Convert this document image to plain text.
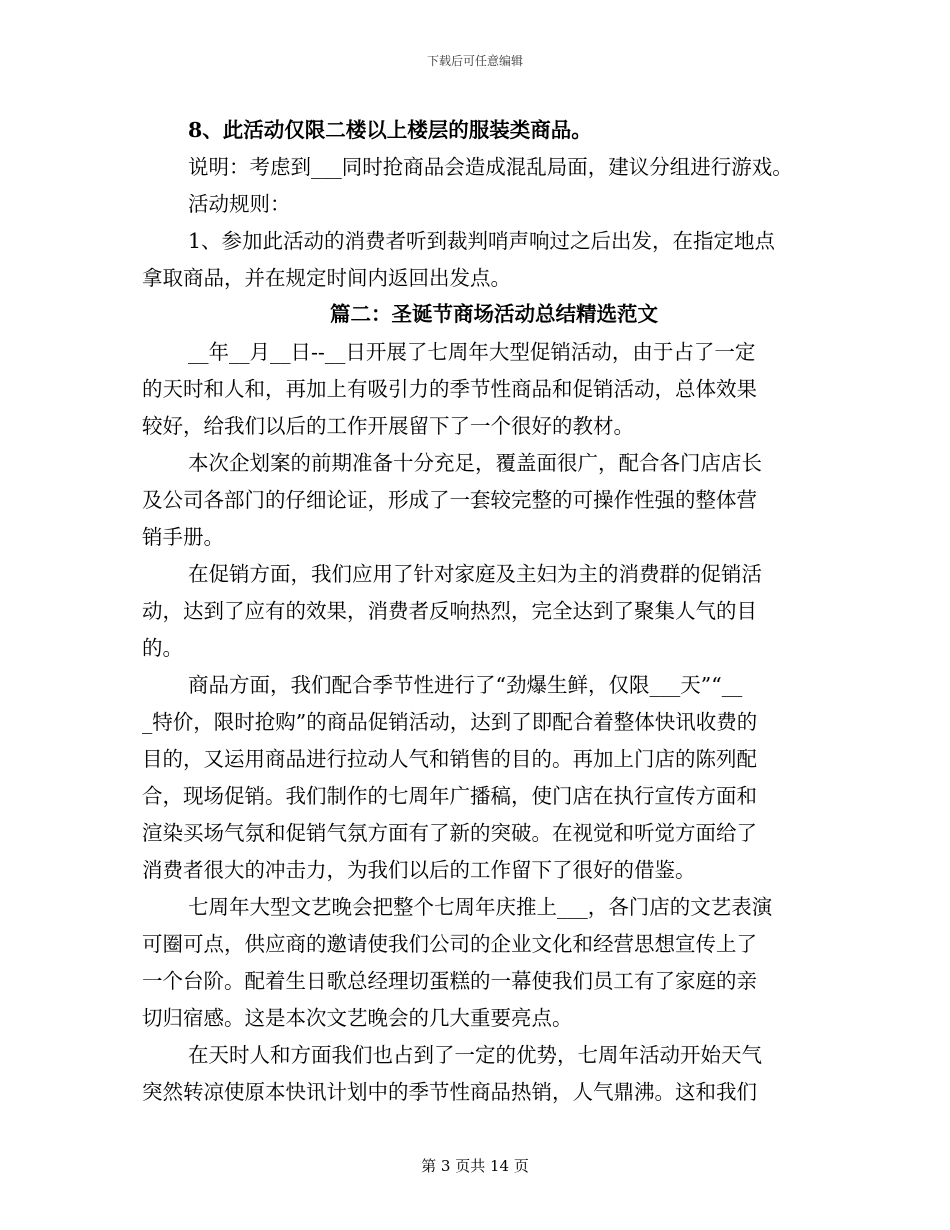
下载后可任意编辑
8、此活动仅限二楼以上楼层的服装类商品。
说明：考虑到___同时抢商品会造成混乱局面，建议分组进行游戏。
活动规则：
1、参加此活动的消费者听到裁判哨声响过之后出发，在指定地点
拿取商品，并在规定时间内返回出发点。
篇二：圣诞节商场活动总结精选范文
__年__月__日--__日开展了七周年大型促销活动，由于占了一定
的天时和人和，再加上有吸引力的季节性商品和促销活动，总体效果
较好，给我们以后的工作开展留下了一个很好的教材。
本次企划案的前期准备十分充足，覆盖面很广，配合各门店店长
及公司各部门的仔细论证，形成了一套较完整的可操作性强的整体营
销手册。
在促销方面，我们应用了针对家庭及主妇为主的消费群的促销活
动，达到了应有的效果，消费者反响热烈，完全达到了聚集人气的目
的。
商品方面，我们配合季节性进行了“劲爆生鲜，仅限___天”“__
_特价，限时抢购”的商品促销活动，达到了即配合着整体快讯收费的
目的，又运用商品进行拉动人气和销售的目的。再加上门店的陈列配
合，现场促销。我们制作的七周年广播稿，使门店在执行宣传方面和
渲染买场气氛和促销气氛方面有了新的突破。在视觉和听觉方面给了
消费者很大的冲击力，为我们以后的工作留下了很好的借鉴。
七周年大型文艺晚会把整个七周年庆推上___，各门店的文艺表演
可圈可点，供应商的邀请使我们公司的企业文化和经营思想宣传上了
一个台阶。配着生日歌总经理切蛋糕的一幕使我们员工有了家庭的亲
切归宿感。这是本次文艺晚会的几大重要亮点。
在天时人和方面我们也占到了一定的优势，七周年活动开始天气
突然转凉使原本快讯计划中的季节性商品热销，人气鼎沸。这和我们
第 3 页共 14 页
